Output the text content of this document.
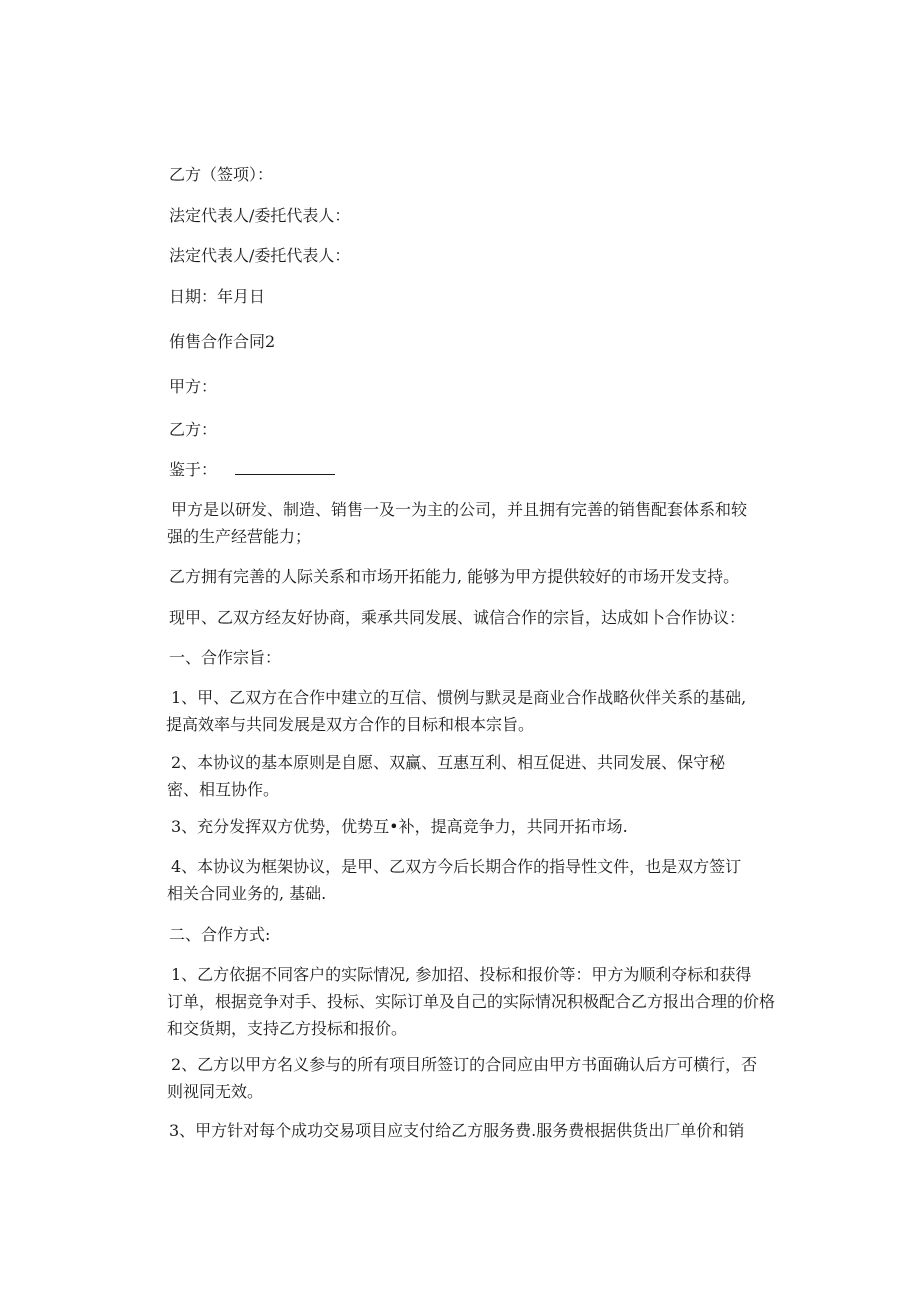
乙方（签项）：
法定代表人/委托代表人：
法定代表人/委托代表人：
日期：年月日
侑售合作合同2
甲方：
乙方：
鉴于：
甲方是以研发、制造、销售一及一为主的公司，并且拥有完善的销售配套体系和较
强的生产经营能力；
乙方拥有完善的人际关系和市场开拓能力, 能够为甲方提供较好的市场开发支持。
现甲、乙双方经友好协商，乘承共同发展、诚信合作的宗旨，达成如卜合作协议：
一、合作宗旨：
1、甲、乙双方在合作中建立的互信、惯例与默灵是商业合作战略伙伴关系的基础,
提高效率与共同发展是双方合作的目标和根本宗旨。
2、本协议的基本原则是自愿、双赢、互惠互利、相互促进、共同发展、保守秘
密、相互协作。
3、充分发挥双方优势，优势互•补，提高竞争力，共同开拓市场.
4、本协议为框架协议，是甲、乙双方今后长期合作的指导性文件，也是双方签订
相关合同业务的, 基础.
二、合作方式:
1、乙方依据不同客户的实际情况, 参加招、投标和报价等：甲方为顺利夺标和获得
订单，根据竞争对手、投标、实际订单及自己的实际情况积极配合乙方报出合理的价格
和交货期，支持乙方投标和报价。
2、乙方以甲方名义参与的所有项目所签订的合同应由甲方书面确认后方可横行，否
则视同无效。
3、甲方针对每个成功交易项目应支付给乙方服务费.服务费根据供货出厂单价和销
